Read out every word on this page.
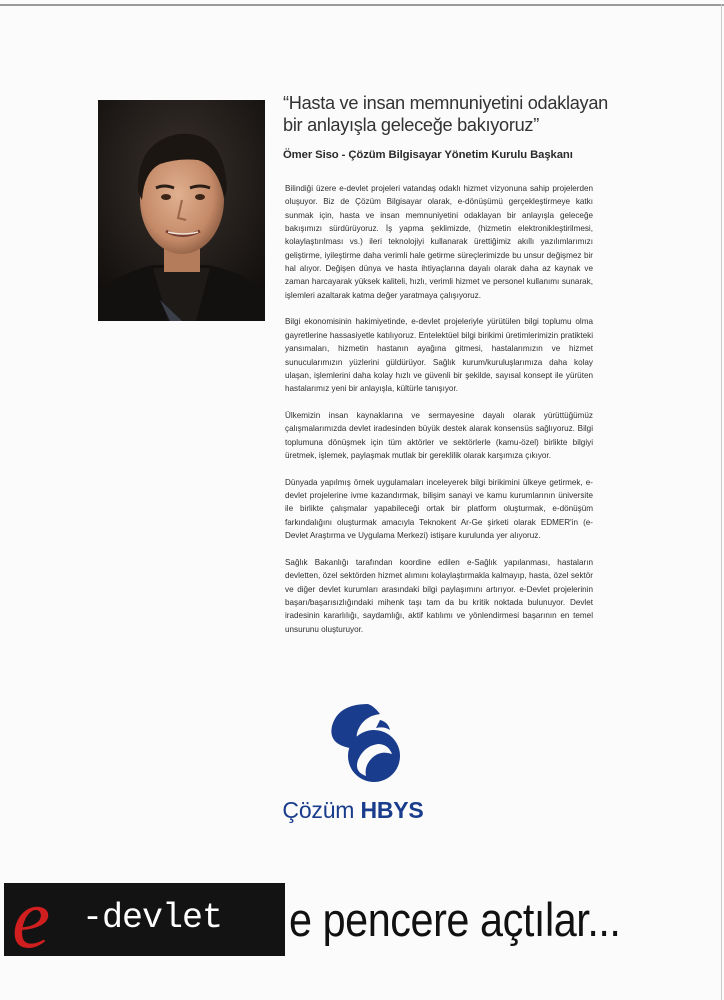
“Hasta ve insan memnuniyetini odaklayan bir anlayışla geleceğe bakıyoruz”
Ömer Siso - Çözüm Bilgisayar Yönetim Kurulu Başkanı

Bilindiği üzere e-devlet projeleri vatandaş odaklı hizmet vizyonuna sahip projelerden oluşuyor. Biz de Çözüm Bilgisayar olarak, e-dönüşümü gerçekleştirmeye katkı sunmak için, hasta ve insan memnuniyetini odaklayan bir anlayışla geleceğe bakışımızı sürdürüyoruz. İş yapma şeklimizde, (hizmetin elektronikleştirilmesi, kolaylaştırılması vs.) ileri teknolojiyi kullanarak ürettiğimiz akıllı yazılımlarımızı geliştirme, iyileştirme daha verimli hale getirme süreçlerimizde bu unsur değişmez bir hal alıyor. Değişen dünya ve hasta ihtiyaçlarına dayalı olarak daha az kaynak ve zaman harcayarak yüksek kaliteli, hızlı, verimli hizmet ve personel kullanımı sunarak, işlemleri azaltarak katma değer yaratmaya çalışıyoruz.

Bilgi ekonomisinin hakimiyetinde, e-devlet projeleriyle yürütülen bilgi toplumu olma gayretlerine hassasiyetle katılıyoruz. Entelektüel bilgi birikimi üretimlerimizin pratikteki yansımaları, hizmetin hastanın ayağına gitmesi, hastalarımızın ve hizmet sunucularımızın yüzlerini güldürüyor. Sağlık kurum/kuruluşlarımıza daha kolay ulaşan, işlemlerini daha kolay hızlı ve güvenli bir şekilde, sayısal konsept ile yürüten hastalarımız yeni bir anlayışla, kültürle tanışıyor.

Ülkemizin insan kaynaklarına ve sermayesine dayalı olarak yürüttüğümüz çalışmalarımızda devlet iradesinden büyük destek alarak konsensüs sağlıyoruz. Bilgi toplumuna dönüşmek için tüm aktörler ve sektörlerle (kamu-özel) birlikte bilgiyi üretmek, işlemek, paylaşmak mutlak bir gereklilik olarak karşımıza çıkıyor.

Dünyada yapılmış örnek uygulamaları inceleyerek bilgi birikimini ülkeye getirmek, e-devlet projelerine ivme kazandırmak, bilişim sanayi ve kamu kurumlarının üniversite ile birlikte çalışmalar yapabileceği ortak bir platform oluşturmak, e-dönüşüm farkındalığını oluşturmak amacıyla Teknokent Ar-Ge şirketi olarak EDMER'in (e-Devlet Araştırma ve Uygulama Merkezi) istişare kurulunda yer alıyoruz.

Sağlık Bakanlığı tarafından koordine edilen e-Sağlık yapılanması, hastaların devletten, özel sektörden hizmet alımını kolaylaştırmakla kalmayıp, hasta, özel sektör ve diğer devlet kurumları arasındaki bilgi paylaşımını artırıyor. e-Devlet projelerinin başarı/başarısızlığındaki mihenk taşı tam da bu kritik noktada bulunuyor. Devlet iradesinin kararlılığı, saydamlığı, aktif katılımı ve yönlendirmesi başarının en temel unsurunu oluşturuyor.

Çözüm HBYS
e -devlet e pencere açtılar...
